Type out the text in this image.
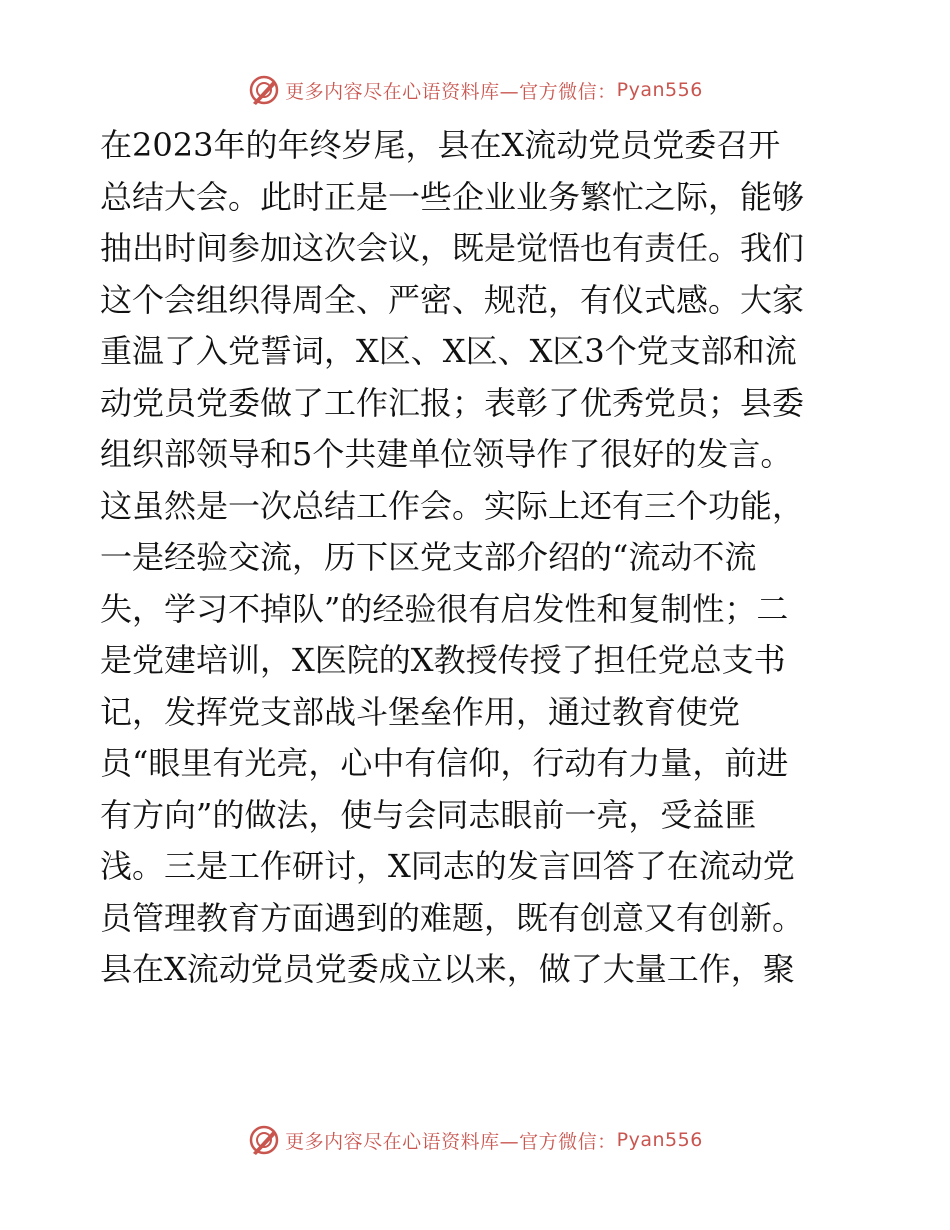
更多内容尽在心语资料库—官方微信： Pyan556
在2023年的年终岁尾，县在X流动党员党委召开
总结大会。此时正是一些企业业务繁忙之际，能够
抽出时间参加这次会议，既是觉悟也有责任。我们
这个会组织得周全、严密、规范，有仪式感。大家
重温了入党誓词，X区、X区、X区3个党支部和流
动党员党委做了工作汇报；表彰了优秀党员；县委
组织部领导和5个共建单位领导作了很好的发言。
这虽然是一次总结工作会。实际上还有三个功能，
一是经验交流，历下区党支部介绍的“流动不流
失，学习不掉队”的经验很有启发性和复制性；二
是党建培训，X医院的X教授传授了担任党总支书
记，发挥党支部战斗堡垒作用，通过教育使党
员“眼里有光亮，心中有信仰，行动有力量，前进
有方向”的做法，使与会同志眼前一亮，受益匪
浅。三是工作研讨，X同志的发言回答了在流动党
员管理教育方面遇到的难题，既有创意又有创新。
县在X流动党员党委成立以来，做了大量工作，聚
更多内容尽在心语资料库—官方微信： Pyan556
